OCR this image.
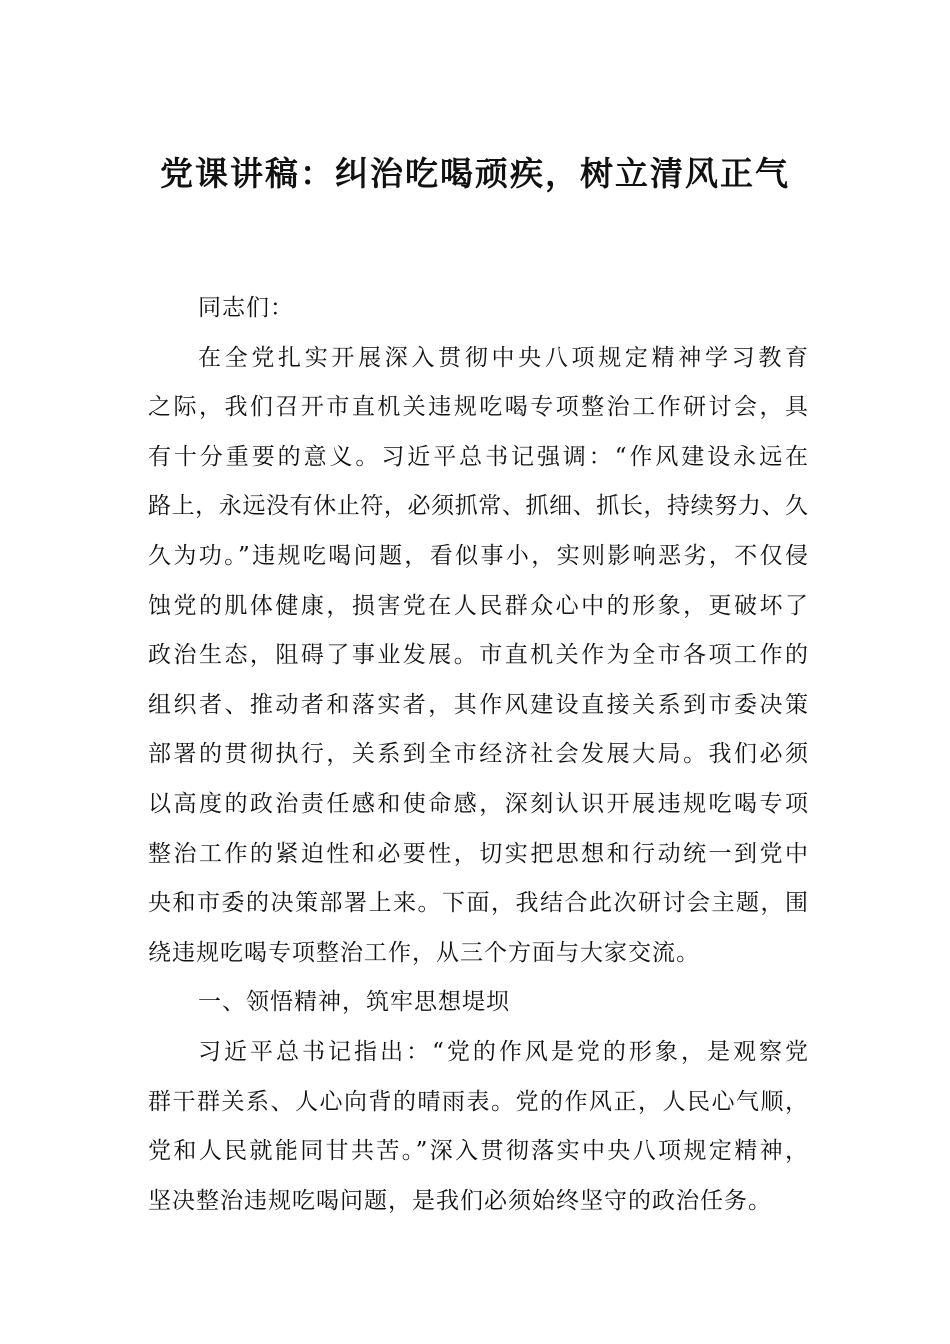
党课讲稿：纠治吃喝顽疾，树立清风正气
同志们：
在全党扎实开展深入贯彻中央八项规定精神学习教育
之际，我们召开市直机关违规吃喝专项整治工作研讨会，具
有十分重要的意义。习近平总书记强调：“作风建设永远在
路上，永远没有休止符，必须抓常、抓细、抓长，持续努力、久
久为功。”违规吃喝问题，看似事小，实则影响恶劣，不仅侵
蚀党的肌体健康，损害党在人民群众心中的形象，更破坏了
政治生态，阻碍了事业发展。市直机关作为全市各项工作的
组织者、推动者和落实者，其作风建设直接关系到市委决策
部署的贯彻执行，关系到全市经济社会发展大局。我们必须
以高度的政治责任感和使命感，深刻认识开展违规吃喝专项
整治工作的紧迫性和必要性，切实把思想和行动统一到党中
央和市委的决策部署上来。下面，我结合此次研讨会主题，围
绕违规吃喝专项整治工作，从三个方面与大家交流。
一、领悟精神，筑牢思想堤坝
习近平总书记指出：“党的作风是党的形象，是观察党
群干群关系、人心向背的晴雨表。党的作风正，人民心气顺，
党和人民就能同甘共苦。”深入贯彻落实中央八项规定精神，
坚决整治违规吃喝问题，是我们必须始终坚守的政治任务。
